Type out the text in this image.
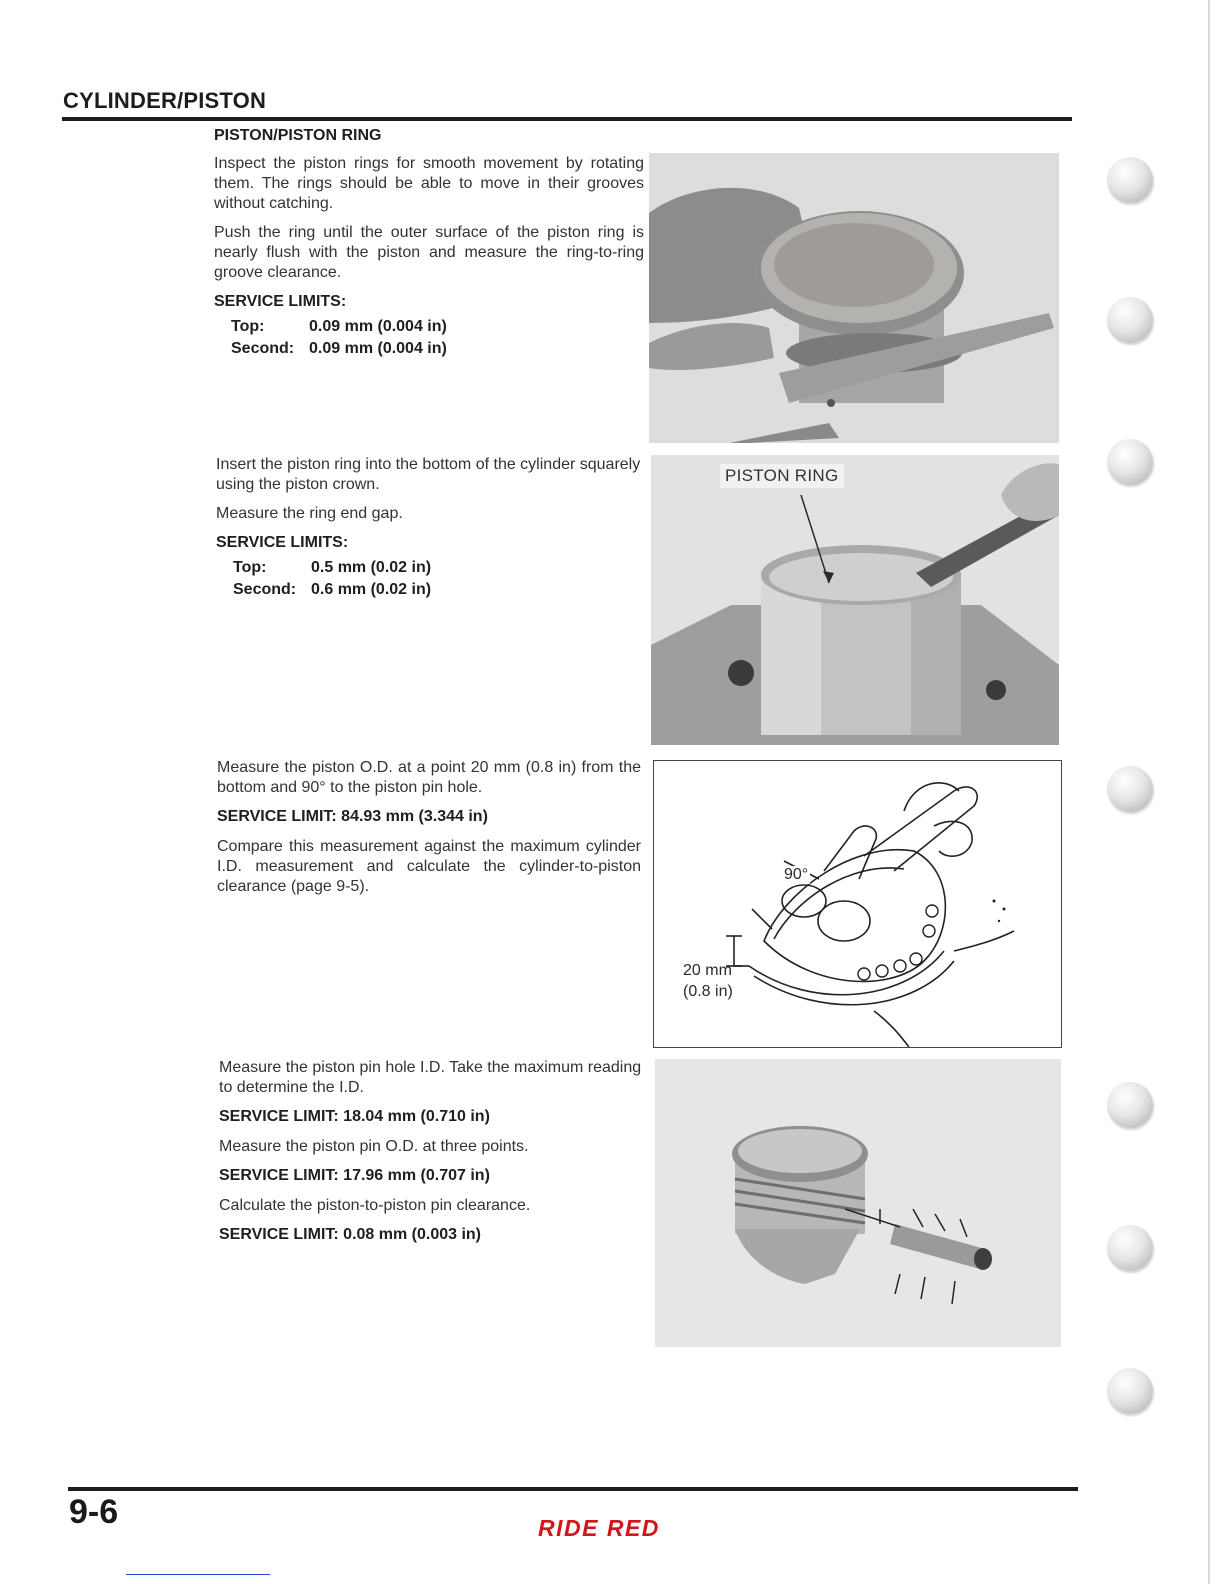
CYLINDER/PISTON
PISTON/PISTON RING

Inspect the piston rings for smooth movement by rotating them. The rings should be able to move in their grooves without catching.

Push the ring until the outer surface of the piston ring is nearly flush with the piston and measure the ring-to-ring groove clearance.

SERVICE LIMITS:
Top:	0.09 mm (0.004 in)
Second: 0.09 mm (0.004 in)

Insert the piston ring into the bottom of the cylinder squarely using the piston crown.

Measure the ring end gap.

SERVICE LIMITS:
Top:	0.5 mm (0.02 in)
Second: 0.6 mm (0.02 in)
PISTON RING

Measure the piston O.D. at a point 20 mm (0.8 in) from the bottom and 90° to the piston pin hole.

SERVICE LIMIT: 84.93 mm (3.344 in)

Compare this measurement against the maximum cylinder I.D. measurement and calculate the cylinder-to-piston clearance (page 9-5).

90°
20 mm
(0.8 in)

Measure the piston pin hole I.D. Take the maximum reading to determine the I.D.

SERVICE LIMIT: 18.04 mm (0.710 in)

Measure the piston pin O.D. at three points.

SERVICE LIMIT: 17.96 mm (0.707 in)

Calculate the piston-to-piston pin clearance.

SERVICE LIMIT: 0.08 mm (0.003 in)
9-6	RIDE RED
